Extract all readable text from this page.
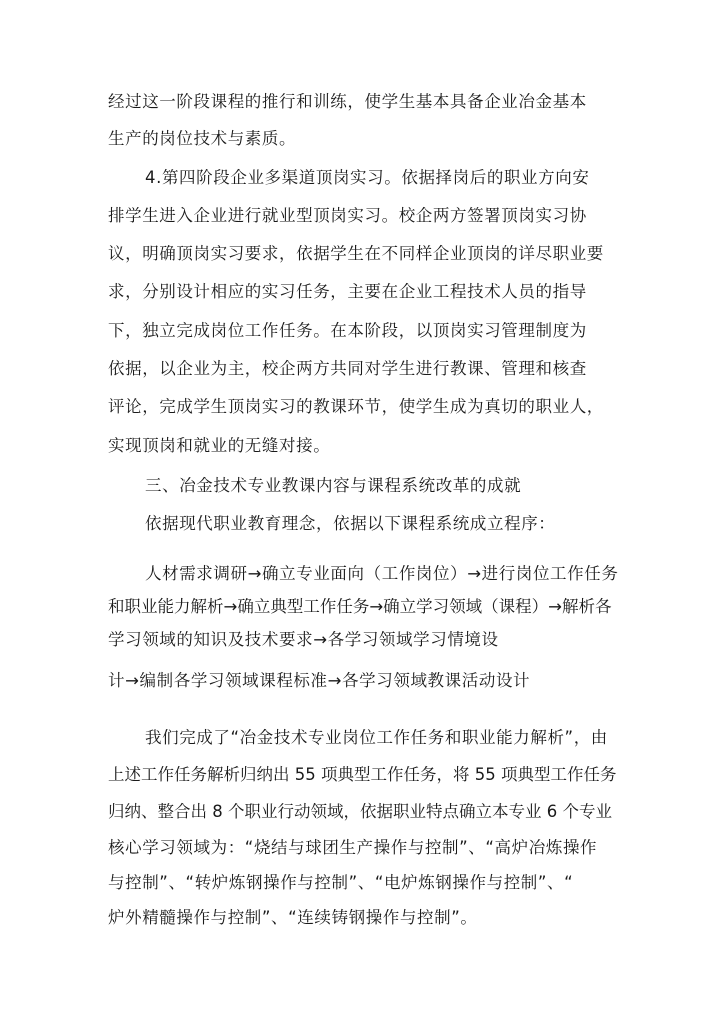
经过这一阶段课程的推行和训练，使学生基本具备企业冶金基本
生产的岗位技术与素质。
4.第四阶段企业多渠道顶岗实习。依据择岗后的职业方向安
排学生进入企业进行就业型顶岗实习。校企两方签署顶岗实习协
议，明确顶岗实习要求，依据学生在不同样企业顶岗的详尽职业要
求，分别设计相应的实习任务，主要在企业工程技术人员的指导
下，独立完成岗位工作任务。在本阶段，以顶岗实习管理制度为
依据，以企业为主，校企两方共同对学生进行教课、管理和核查
评论，完成学生顶岗实习的教课环节，使学生成为真切的职业人，
实现顶岗和就业的无缝对接。
三、冶金技术专业教课内容与课程系统改革的成就
依据现代职业教育理念，依据以下课程系统成立程序：
人材需求调研→确立专业面向（工作岗位）→进行岗位工作任务
和职业能力解析→确立典型工作任务→确立学习领域（课程）→解析各
学习领域的知识及技术要求→各学习领域学习情境设
计→编制各学习领域课程标准→各学习领域教课活动设计
我们完成了“冶金技术专业岗位工作任务和职业能力解析”，由
上述工作任务解析归纳出 55 项典型工作任务，将 55 项典型工作任务
归纳、整合出 8 个职业行动领域，依据职业特点确立本专业 6 个专业
核心学习领域为：“烧结与球团生产操作与控制”、“高炉冶炼操作
与控制”、“转炉炼钢操作与控制”、“电炉炼钢操作与控制”、“
炉外精髓操作与控制”、“连续铸钢操作与控制”。
